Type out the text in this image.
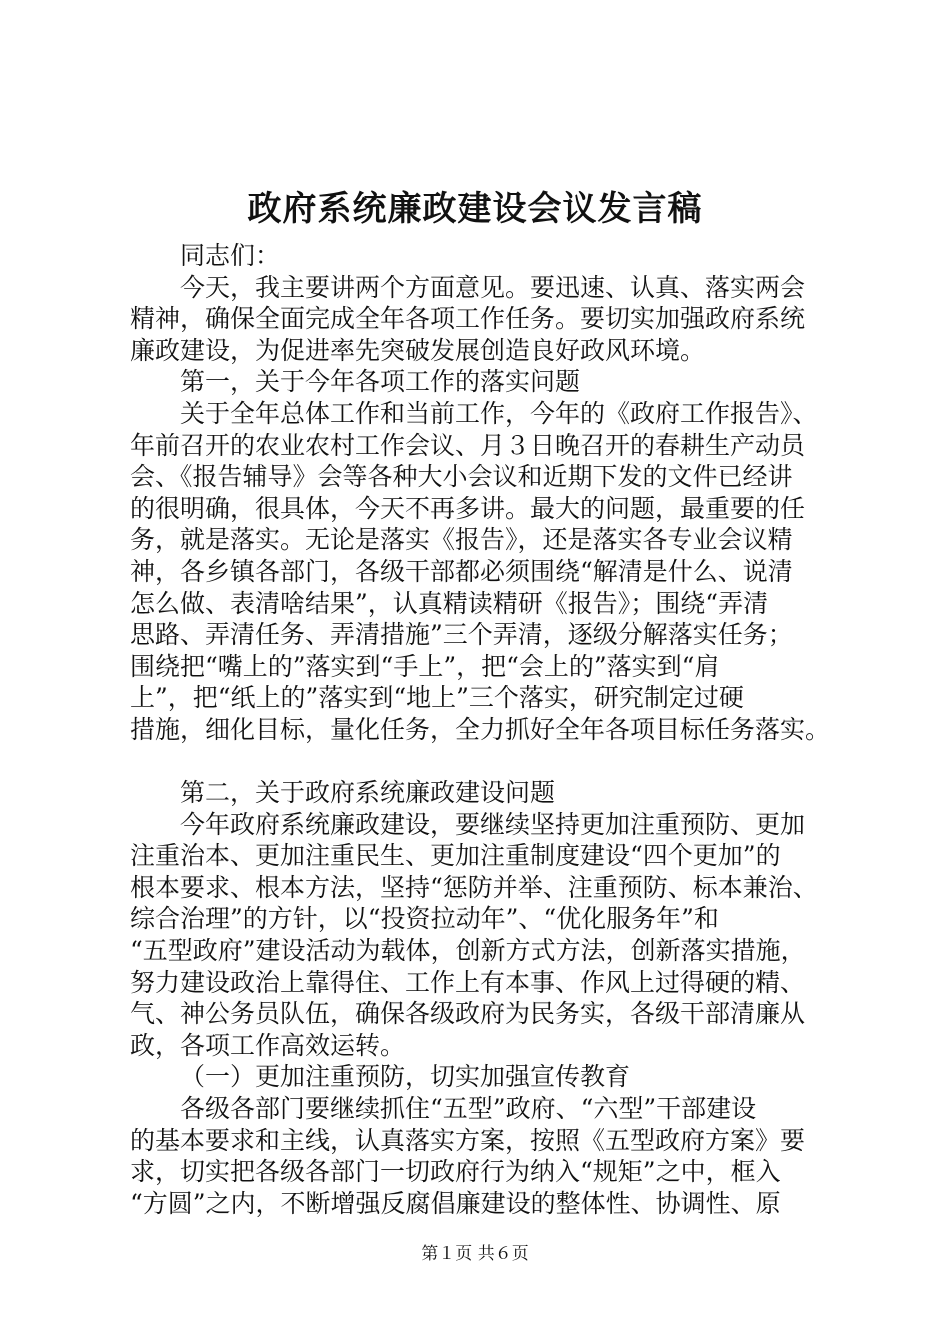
政府系统廉政建设会议发言稿
同志们：
今天，我主要讲两个方面意见。要迅速、认真、落实两会
精神，确保全面完成全年各项工作任务。要切实加强政府系统
廉政建设，为促进率先突破发展创造良好政风环境。
第一，关于今年各项工作的落实问题
关于全年总体工作和当前工作，今年的《政府工作报告》、
年前召开的农业农村工作会议、月３日晚召开的春耕生产动员
会、《报告辅导》会等各种大小会议和近期下发的文件已经讲
的很明确，很具体，今天不再多讲。最大的问题，最重要的任
务，就是落实。无论是落实《报告》，还是落实各专业会议精
神，各乡镇各部门，各级干部都必须围绕“解清是什么、说清
怎么做、表清啥结果”，认真精读精研《报告》；围绕“弄清
思路、弄清任务、弄清措施”三个弄清，逐级分解落实任务；
围绕把“嘴上的”落实到“手上”，把“会上的”落实到“肩
上”，把“纸上的”落实到“地上”三个落实，研究制定过硬
措施，细化目标，量化任务，全力抓好全年各项目标任务落实。
第二，关于政府系统廉政建设问题
今年政府系统廉政建设，要继续坚持更加注重预防、更加
注重治本、更加注重民生、更加注重制度建设“四个更加”的
根本要求、根本方法，坚持“惩防并举、注重预防、标本兼治、
综合治理”的方针，以“投资拉动年”、“优化服务年”和
“五型政府”建设活动为载体，创新方式方法，创新落实措施，
努力建设政治上靠得住、工作上有本事、作风上过得硬的精、
气、神公务员队伍，确保各级政府为民务实，各级干部清廉从
政，各项工作高效运转。
（一）更加注重预防，切实加强宣传教育
各级各部门要继续抓住“五型”政府、“六型”干部建设
的基本要求和主线，认真落实方案，按照《五型政府方案》要
求，切实把各级各部门一切政府行为纳入“规矩”之中，框入
“方圆”之内，不断增强反腐倡廉建设的整体性、协调性、原
第１页 共６页
